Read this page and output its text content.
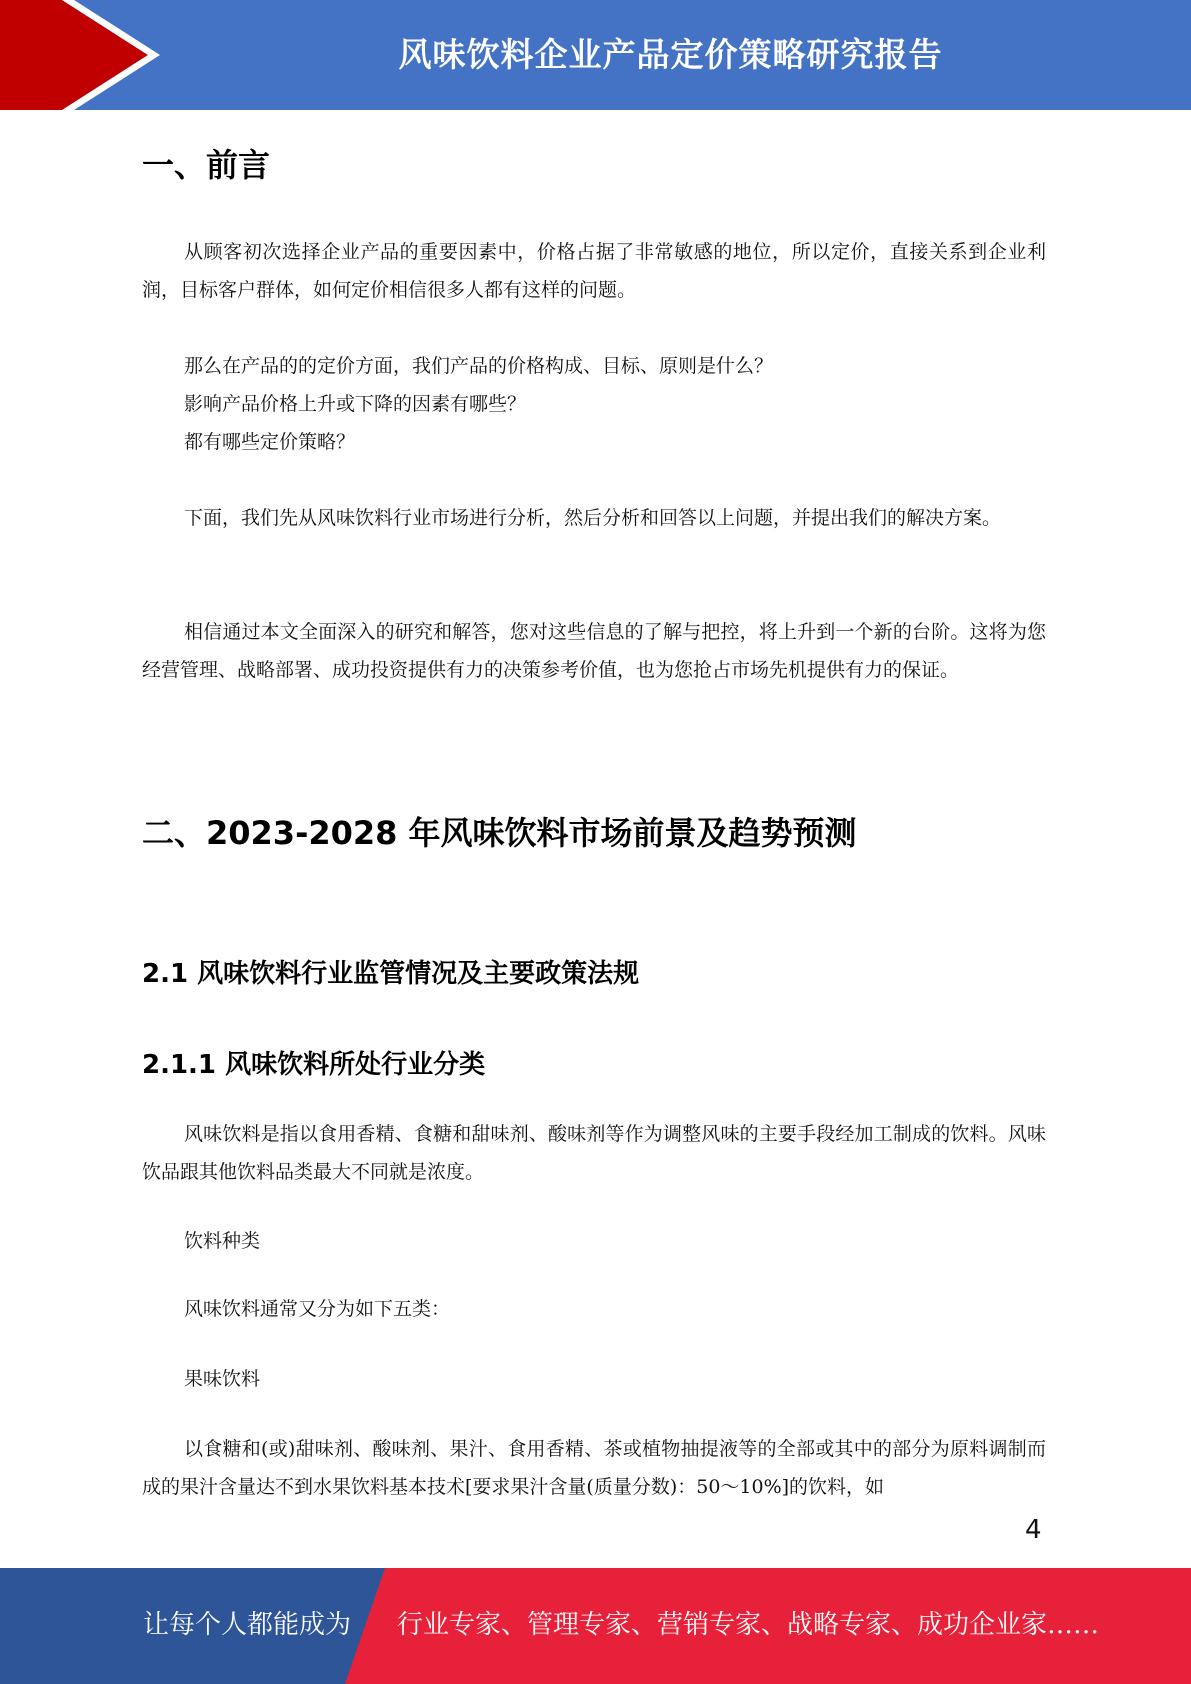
风味饮料企业产品定价策略研究报告
一、前言

从顾客初次选择企业产品的重要因素中，价格占据了非常敏感的地位，所以定价，直接关系到企业利润，目标客户群体，如何定价相信很多人都有这样的问题。

那么在产品的的定价方面，我们产品的价格构成、目标、原则是什么？

影响产品价格上升或下降的因素有哪些？

都有哪些定价策略？

下面，我们先从风味饮料行业市场进行分析，然后分析和回答以上问题，并提出我们的解决方案。

相信通过本文全面深入的研究和解答，您对这些信息的了解与把控，将上升到一个新的台阶。这将为您经营管理、战略部署、成功投资提供有力的决策参考价值，也为您抢占市场先机提供有力的保证。

二、2023-2028 年风味饮料市场前景及趋势预测
2.1 风味饮料行业监管情况及主要政策法规
2.1.1 风味饮料所处行业分类

风味饮料是指以食用香精、食糖和甜味剂、酸味剂等作为调整风味的主要手段经加工制成的饮料。风味饮品跟其他饮料品类最大不同就是浓度。

饮料种类

风味饮料通常又分为如下五类：

果味饮料

以食糖和(或)甜味剂、酸味剂、果汁、食用香精、茶或植物抽提液等的全部或其中的部分为原料调制而成的果汁含量达不到水果饮料基本技术[要求果汁含量(质量分数)：50～10%]的饮料，如

4
让每个人都能成为 行业专家、管理专家、营销专家、战略专家、成功企业家……
